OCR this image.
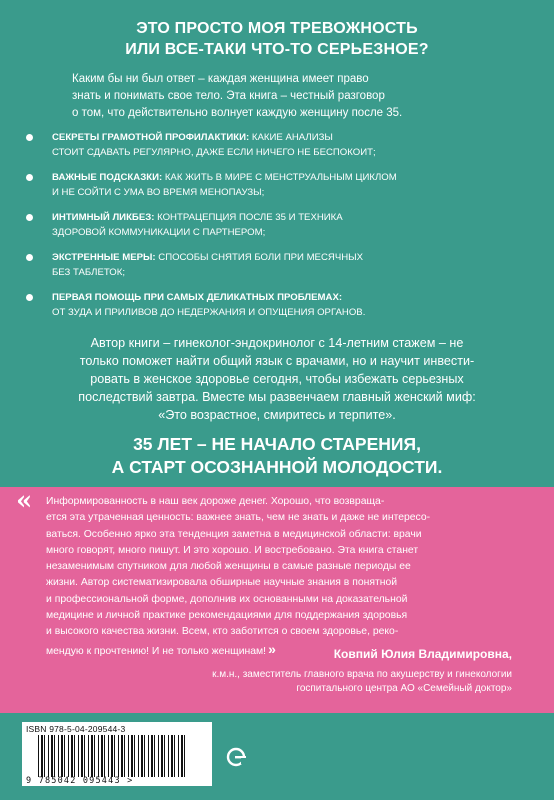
ЭТО ПРОСТО МОЯ ТРЕВОЖНОСТЬ
ИЛИ ВСЕ-ТАКИ ЧТО-ТО СЕРЬЕЗНОЕ?
Каким бы ни был ответ – каждая женщина имеет право
знать и понимать свое тело. Эта книга – честный разговор
о том, что действительно волнует каждую женщину после 35.
СЕКРЕТЫ ГРАМОТНОЙ ПРОФИЛАКТИКИ: КАКИЕ АНАЛИЗЫ
СТОИТ СДАВАТЬ РЕГУЛЯРНО, ДАЖЕ ЕСЛИ НИЧЕГО НЕ БЕСПОКОИТ;
ВАЖНЫЕ ПОДСКАЗКИ: КАК ЖИТЬ В МИРЕ С МЕНСТРУАЛЬНЫМ ЦИКЛОМ
И НЕ СОЙТИ С УМА ВО ВРЕМЯ МЕНОПАУЗЫ;
ИНТИМНЫЙ ЛИКБЕЗ: КОНТРАЦЕПЦИЯ ПОСЛЕ 35 И ТЕХНИКА
ЗДОРОВОЙ КОММУНИКАЦИИ С ПАРТНЕРОМ;
ЭКСТРЕННЫЕ МЕРЫ: СПОСОБЫ СНЯТИЯ БОЛИ ПРИ МЕСЯЧНЫХ
БЕЗ ТАБЛЕТОК;
ПЕРВАЯ ПОМОЩЬ ПРИ САМЫХ ДЕЛИКАТНЫХ ПРОБЛЕМАХ:
ОТ ЗУДА И ПРИЛИВОВ ДО НЕДЕРЖАНИЯ И ОПУЩЕНИЯ ОРГАНОВ.
Автор книги – гинеколог-эндокринолог с 14-летним стажем – не
только поможет найти общий язык с врачами, но и научит инвести-
ровать в женское здоровье сегодня, чтобы избежать серьезных
последствий завтра. Вместе мы развенчаем главный женский миф:
«Это возрастное, смиритесь и терпите».
35 ЛЕТ – НЕ НАЧАЛО СТАРЕНИЯ,
А СТАРТ ОСОЗНАННОЙ МОЛОДОСТИ.
« Информированность в наш век дороже денег. Хорошо, что возвраща-
ется эта утраченная ценность: важнее знать, чем не знать и даже не интересо-
ваться. Особенно ярко эта тенденция заметна в медицинской области: врачи
много говорят, много пишут. И это хорошо. И востребовано. Эта книга станет
незаменимым спутником для любой женщины в самые разные периоды ее
жизни. Автор систематизировала обширные научные знания в понятной
и профессиональной форме, дополнив их основанными на доказательной
медицине и личной практике рекомендациями для поддержания здоровья
и высокого качества жизни. Всем, кто заботится о своем здоровье, реко-
мендую к прочтению! И не только женщинам! »	Ковпий Юлия Владимировна,
к.м.н., заместитель главного врача по акушерству и гинекологии
госпитального центра АО «Семейный доктор»
ISBN 978-5-04-209544-3
9 785042 095443 >
